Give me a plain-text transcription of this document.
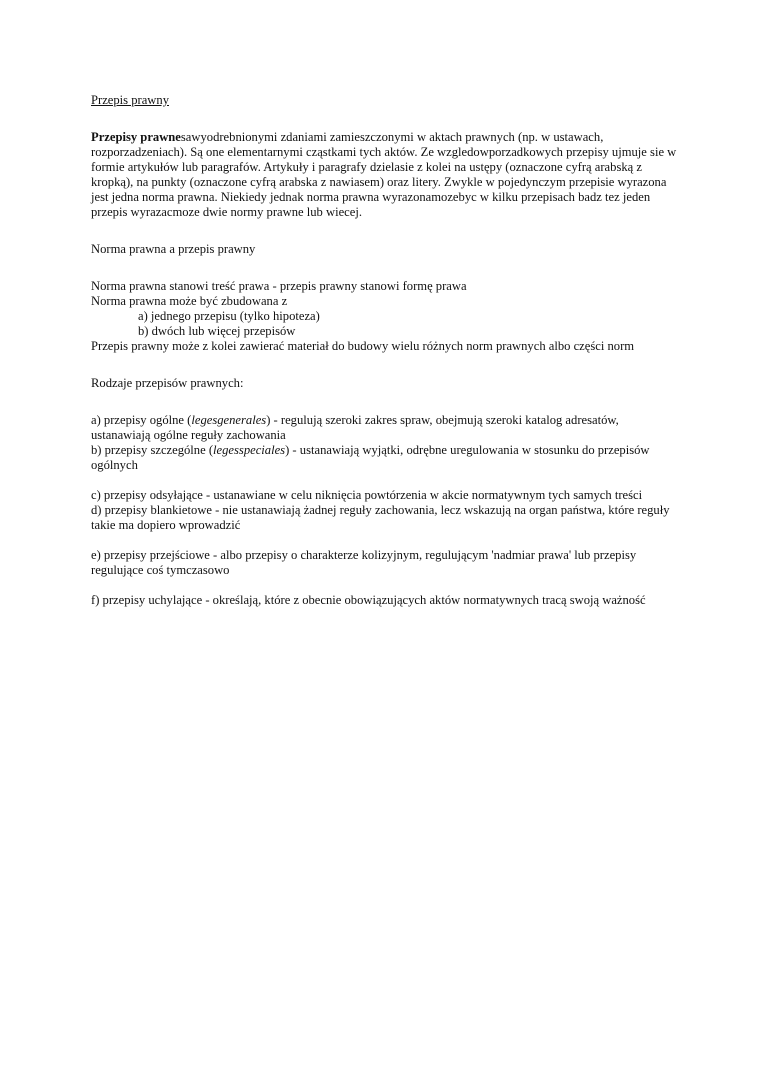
Przepis prawny

Przepisy prawnesawyodrebnionymi zdaniami zamieszczonymi w aktach prawnych (np. w ustawach, rozporzadzeniach). Są one elementarnymi cząstkami tych aktów. Ze wzgledowporzadkowych przepisy ujmuje sie w formie artykułów lub paragrafów. Artykuły i paragrafy dzielasie z kolei na ustępy (oznaczone cyfrą arabską z kropką), na punkty (oznaczone cyfrą arabska z nawiasem) oraz litery. Zwykle w pojedynczym przepisie wyrazona jest jedna norma prawna. Niekiedy jednak norma prawna wyrazonamozebyc w kilku przepisach badz tez jeden przepis wyrazacmoze dwie normy prawne lub wiecej.

Norma prawna a przepis prawny

Norma prawna stanowi treść prawa - przepis prawny stanowi formę prawa

Norma prawna może być zbudowana z

a) jednego przepisu (tylko hipoteza)

b) dwóch lub więcej przepisów

Przepis prawny może z kolei zawierać materiał do budowy wielu różnych norm prawnych albo części norm

Rodzaje przepisów prawnych:

a) przepisy ogólne (legesgenerales) - regulują szeroki zakres spraw, obejmują szeroki katalog adresatów, ustanawiają ogólne reguły zachowania

b) przepisy szczególne (legesspeciales) - ustanawiają wyjątki, odrębne uregulowania w stosunku do przepisów ogólnych

c) przepisy odsyłające - ustanawiane w celu niknięcia powtórzenia w akcie normatywnym tych samych treści

d) przepisy blankietowe - nie ustanawiają żadnej reguły zachowania, lecz wskazują na organ państwa, które reguły takie ma dopiero wprowadzić

e) przepisy przejściowe - albo przepisy o charakterze kolizyjnym, regulującym 'nadmiar prawa' lub przepisy regulujące coś tymczasowo

f) przepisy uchylające - określają, które z obecnie obowiązujących aktów normatywnych tracą swoją ważność
